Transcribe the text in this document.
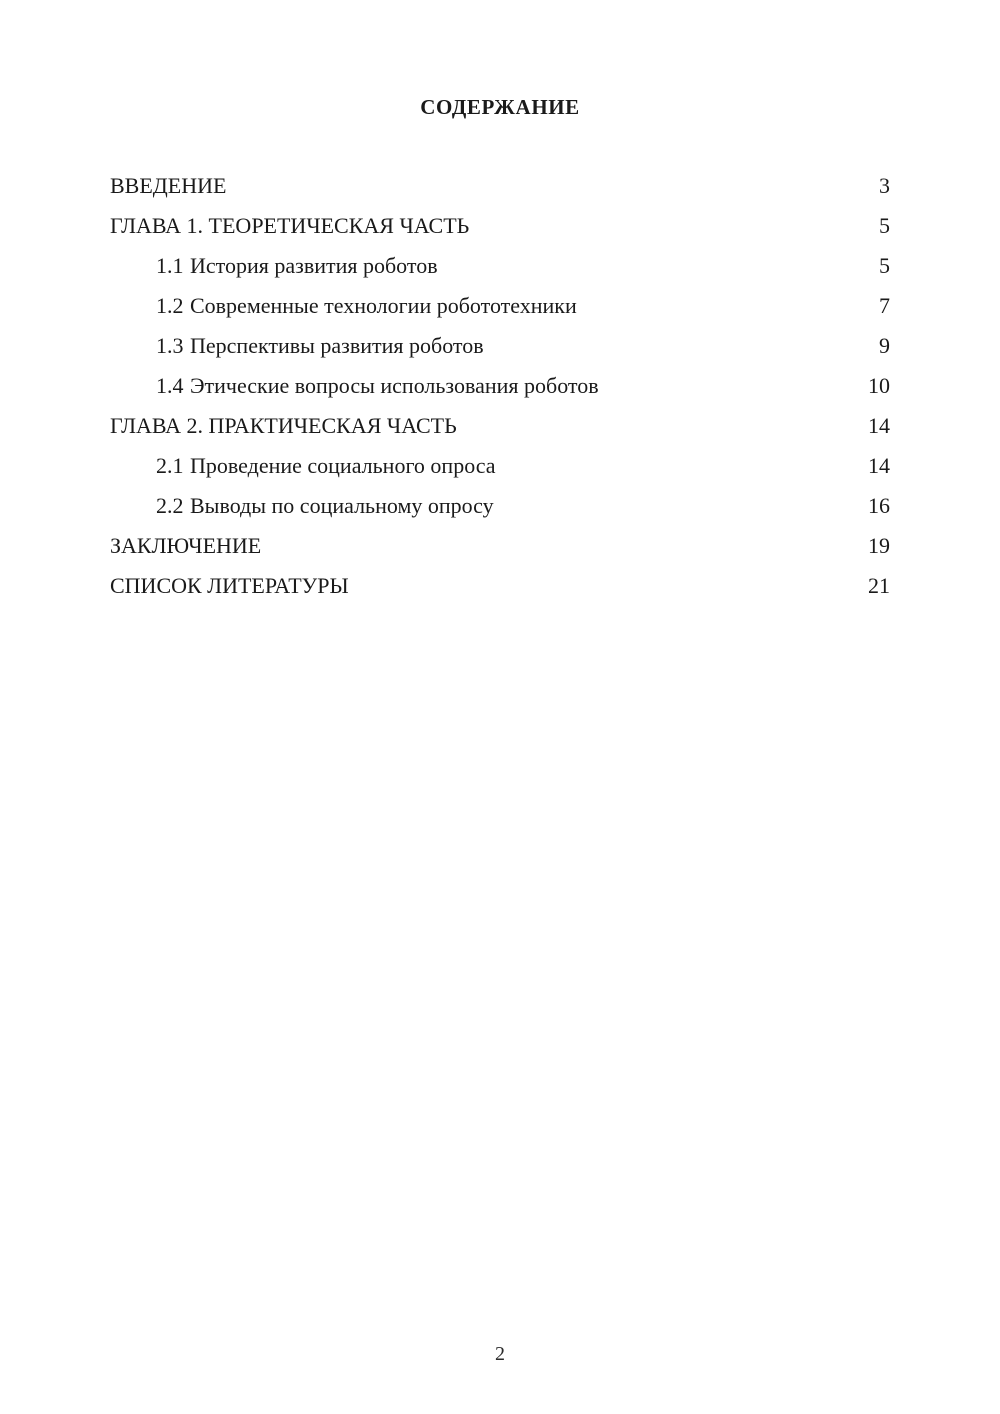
СОДЕРЖАНИЕ
ВВЕДЕНИЕ	3
ГЛАВА 1. ТЕОРЕТИЧЕСКАЯ ЧАСТЬ	5
1.1 История развития роботов	5
1.2 Современные технологии робототехники	7
1.3 Перспективы развития роботов	9
1.4 Этические вопросы использования роботов	10
ГЛАВА 2. ПРАКТИЧЕСКАЯ ЧАСТЬ	14
2.1 Проведение социального опроса	14
2.2 Выводы по социальному опросу	16
ЗАКЛЮЧЕНИЕ	19
СПИСОК ЛИТЕРАТУРЫ	21
2
